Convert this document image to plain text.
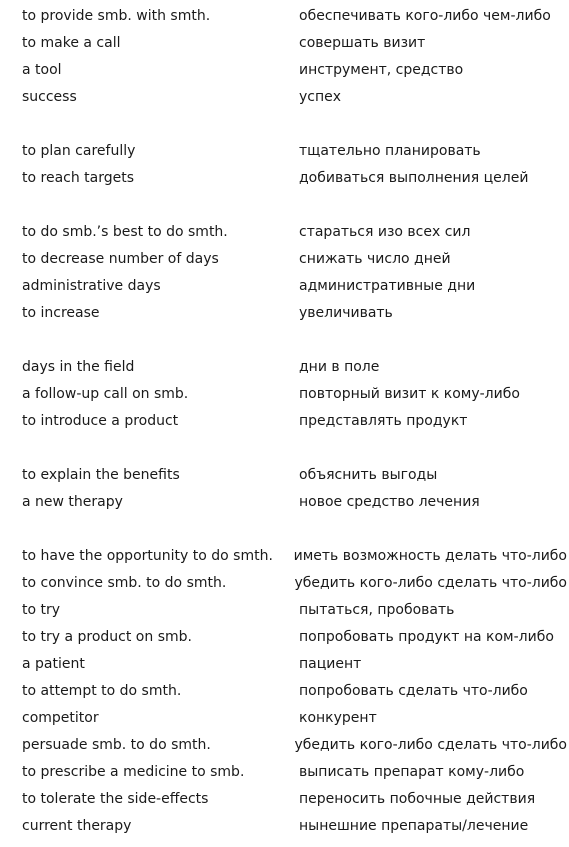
to provide smb. with smth.	обеспечивать кого-либо чем-либо
to make a call	совершать визит
a tool	инструмент, средство
success	успех
to plan carefully	тщательно планировать
to reach targets	добиваться выполнения целей
to do smb.’s best to do smth.	стараться изо всех сил
to decrease number of days	снижать число дней
administrative days	административные дни
to increase	увеличивать
days in the field	дни в поле
a follow-up call on smb.	повторный визит к кому-либо
to introduce a product	представлять продукт
to explain the benefits	объяснить выгоды
a new therapy	новое средство лечения
to have the opportunity to do smth.	иметь возможность делать что-либо
to convince smb. to do smth.	убедить кого-либо сделать что-либо
to try	пытаться, пробовать
to try a product on smb.	попробовать продукт на ком-либо
a patient	пациент
to attempt to do smth.	попробовать сделать что-либо
competitor	конкурент
persuade smb. to do smth.	убедить кого-либо сделать что-либо
to prescribe a medicine to smb.	выписать препарат кому-либо
to tolerate the side-effects	переносить побочные действия
current therapy	нынешние препараты/лечение
